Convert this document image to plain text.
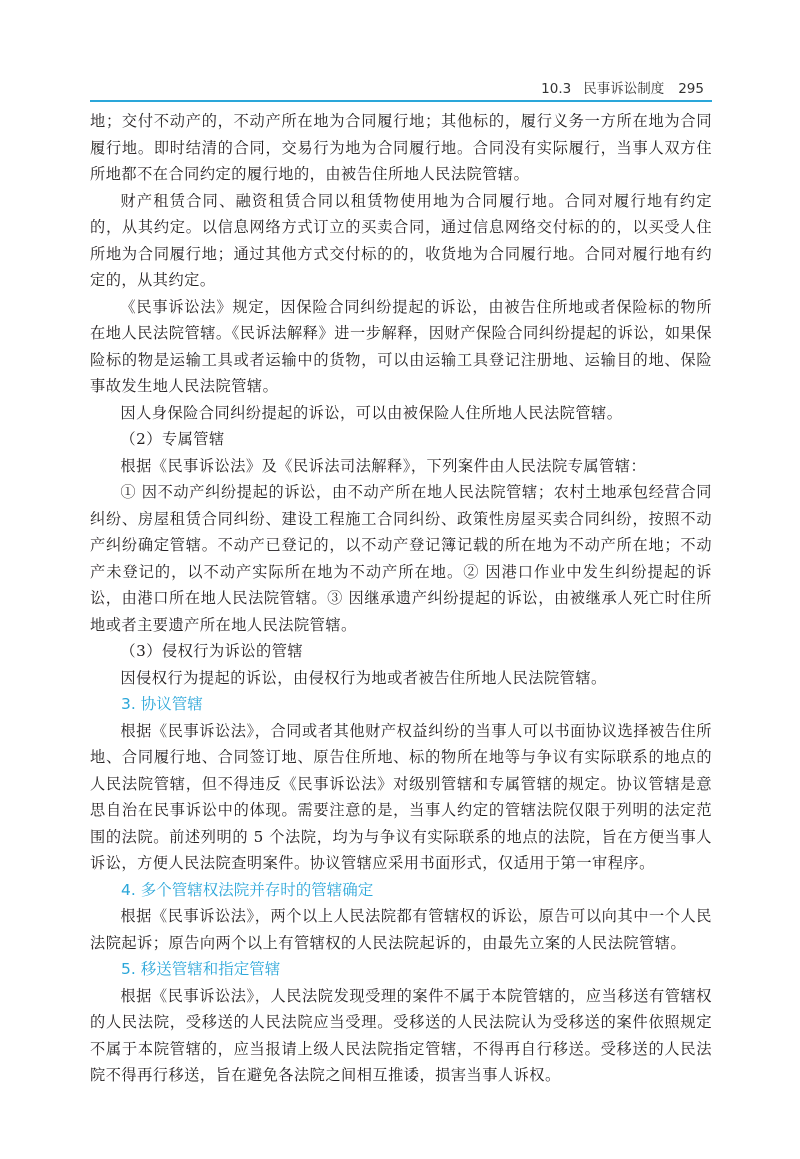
10.3 民事诉讼制度 295

地；交付不动产的，不动产所在地为合同履行地；其他标的，履行义务一方所在地为合同履行地。即时结清的合同，交易行为地为合同履行地。合同没有实际履行，当事人双方住所地都不在合同约定的履行地的，由被告住所地人民法院管辖。

财产租赁合同、融资租赁合同以租赁物使用地为合同履行地。合同对履行地有约定的，从其约定。以信息网络方式订立的买卖合同，通过信息网络交付标的的，以买受人住所地为合同履行地；通过其他方式交付标的的，收货地为合同履行地。合同对履行地有约定的，从其约定。

《民事诉讼法》规定，因保险合同纠纷提起的诉讼，由被告住所地或者保险标的物所在地人民法院管辖。《民诉法解释》进一步解释，因财产保险合同纠纷提起的诉讼，如果保险标的物是运输工具或者运输中的货物，可以由运输工具登记注册地、运输目的地、保险事故发生地人民法院管辖。

因人身保险合同纠纷提起的诉讼，可以由被保险人住所地人民法院管辖。

（2）专属管辖

根据《民事诉讼法》及《民诉法司法解释》，下列案件由人民法院专属管辖：

① 因不动产纠纷提起的诉讼，由不动产所在地人民法院管辖；农村土地承包经营合同纠纷、房屋租赁合同纠纷、建设工程施工合同纠纷、政策性房屋买卖合同纠纷，按照不动产纠纷确定管辖。不动产已登记的，以不动产登记簿记载的所在地为不动产所在地；不动产未登记的，以不动产实际所在地为不动产所在地。② 因港口作业中发生纠纷提起的诉讼，由港口所在地人民法院管辖。③ 因继承遗产纠纷提起的诉讼，由被继承人死亡时住所地或者主要遗产所在地人民法院管辖。

（3）侵权行为诉讼的管辖

因侵权行为提起的诉讼，由侵权行为地或者被告住所地人民法院管辖。

3. 协议管辖

根据《民事诉讼法》，合同或者其他财产权益纠纷的当事人可以书面协议选择被告住所地、合同履行地、合同签订地、原告住所地、标的物所在地等与争议有实际联系的地点的人民法院管辖，但不得违反《民事诉讼法》对级别管辖和专属管辖的规定。协议管辖是意思自治在民事诉讼中的体现。需要注意的是，当事人约定的管辖法院仅限于列明的法定范围的法院。前述列明的 5 个法院，均为与争议有实际联系的地点的法院，旨在方便当事人诉讼，方便人民法院查明案件。协议管辖应采用书面形式，仅适用于第一审程序。

4. 多个管辖权法院并存时的管辖确定

根据《民事诉讼法》，两个以上人民法院都有管辖权的诉讼，原告可以向其中一个人民法院起诉；原告向两个以上有管辖权的人民法院起诉的，由最先立案的人民法院管辖。

5. 移送管辖和指定管辖

根据《民事诉讼法》，人民法院发现受理的案件不属于本院管辖的，应当移送有管辖权的人民法院，受移送的人民法院应当受理。受移送的人民法院认为受移送的案件依照规定不属于本院管辖的，应当报请上级人民法院指定管辖，不得再自行移送。受移送的人民法院不得再行移送，旨在避免各法院之间相互推诿，损害当事人诉权。
